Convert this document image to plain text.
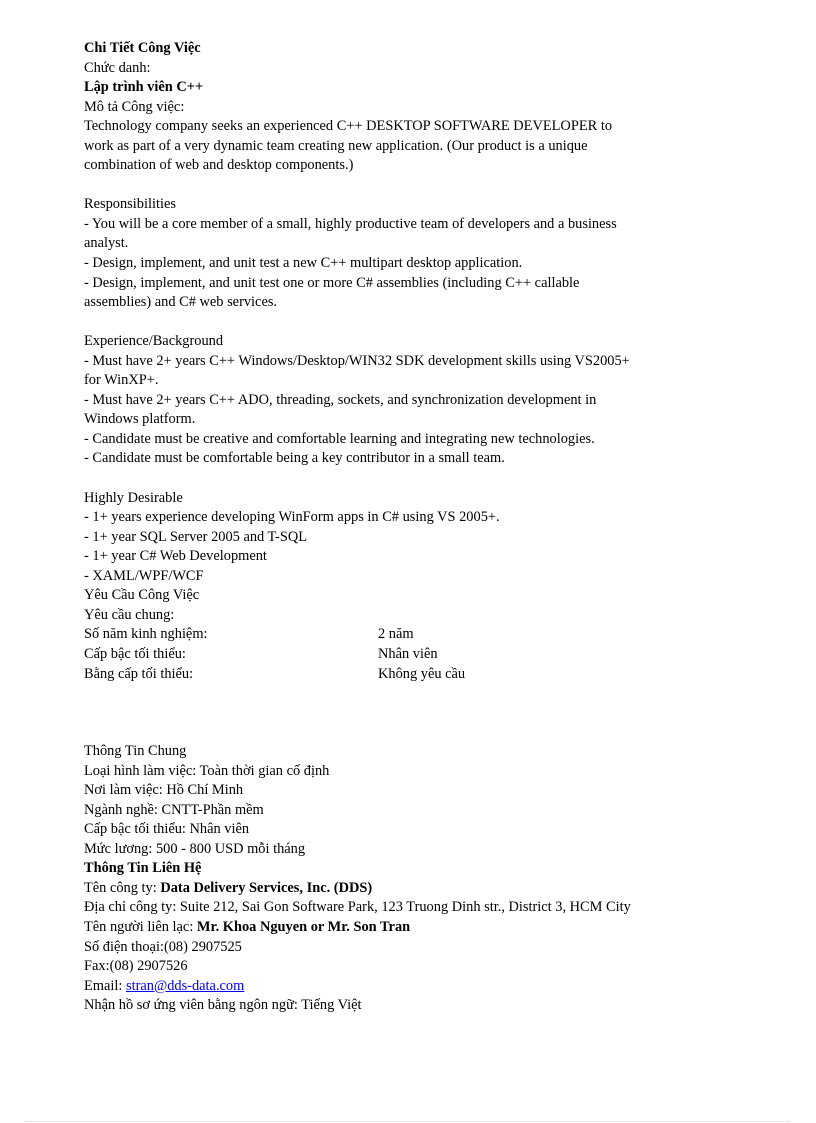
Chi Tiết Công Việc
Chức danh:
Lập trình viên C++
Mô tả Công việc:
Technology company seeks an experienced C++ DESKTOP SOFTWARE DEVELOPER to
work as part of a very dynamic team creating new application. (Our product is a unique
combination of web and desktop components.)
Responsibilities
- You will be a core member of a small, highly productive team of developers and a business
analyst.
- Design, implement, and unit test a new C++ multipart desktop application.
- Design, implement, and unit test one or more C# assemblies (including C++ callable
assemblies) and C# web services.
Experience/Background
- Must have 2+ years C++ Windows/Desktop/WIN32 SDK development skills using VS2005+
for WinXP+.
- Must have 2+ years C++ ADO, threading, sockets, and synchronization development in
Windows platform.
- Candidate must be creative and comfortable learning and integrating new technologies.
- Candidate must be comfortable being a key contributor in a small team.
Highly Desirable
- 1+ years experience developing WinForm apps in C# using VS 2005+.
- 1+ year SQL Server 2005 and T-SQL
- 1+ year C# Web Development
- XAML/WPF/WCF
Yêu Cầu Công Việc
Yêu cầu chung:
Số năm kinh nghiệm:	2 năm
Cấp bậc tối thiểu:	Nhân viên
Bằng cấp tối thiểu:	Không yêu cầu
Thông Tin Chung
Loại hình làm việc: Toàn thời gian cố định
Nơi làm việc: Hồ Chí Minh
Ngành nghề: CNTT-Phần mềm
Cấp bậc tối thiểu: Nhân viên
Mức lương: 500 - 800 USD mỗi tháng
Thông Tin Liên Hệ
Tên công ty: Data Delivery Services, Inc. (DDS)
Địa chỉ công ty: Suite 212, Sai Gon Software Park, 123 Truong Dinh str., District 3, HCM City
Tên người liên lạc: Mr. Khoa Nguyen or Mr. Son Tran
Số điện thoại:(08) 2907525
Fax:(08) 2907526
Email: stran@dds-data.com
Nhận hồ sơ ứng viên bằng ngôn ngữ: Tiếng Việt
